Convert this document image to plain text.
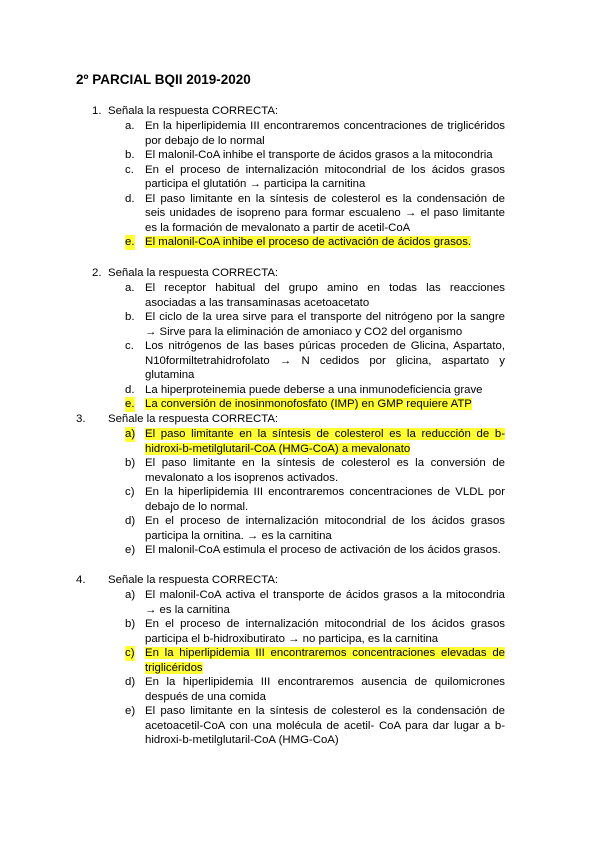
2º PARCIAL BQII 2019-2020
1. Señala la respuesta CORRECTA:
a. En la hiperlipidemia III encontraremos concentraciones de triglicéridos por debajo de lo normal
b. El malonil-CoA inhibe el transporte de ácidos grasos a la mitocondria
c. En el proceso de internalización mitocondrial de los ácidos grasos participa el glutatión → participa la carnitina
d. El paso limitante en la síntesis de colesterol es la condensación de seis unidades de isopreno para formar escualeno → el paso limitante es la formación de mevalonato a partir de acetil-CoA
e. El malonil-CoA inhibe el proceso de activación de ácidos grasos.
2. Señala la respuesta CORRECTA:
a. El receptor habitual del grupo amino en todas las reacciones asociadas a las transaminasas acetoacetato
b. El ciclo de la urea sirve para el transporte del nitrógeno por la sangre → Sirve para la eliminación de amoniaco y CO2 del organismo
c. Los nitrógenos de las bases púricas proceden de Glicina, Aspartato, N10formiltetrahidrofolato → N cedidos por glicina, aspartato y glutamina
d. La hiperproteinemia puede deberse a una inmunodeficiencia grave
e. La conversión de inosinmonofosfato (IMP) en GMP requiere ATP
3. Señale la respuesta CORRECTA:
a) El paso limitante en la síntesis de colesterol es la reducción de b-hidroxi-b-metilglutaril-CoA (HMG-CoA) a mevalonato
b) El paso limitante en la síntesis de colesterol es la conversión de mevalonato a los isoprenos activados.
c) En la hiperlipidemia III encontraremos concentraciones de VLDL por debajo de lo normal.
d) En el proceso de internalización mitocondrial de los ácidos grasos participa la ornitina. → es la carnitina
e) El malonil-CoA estimula el proceso de activación de los ácidos grasos.
4. Señale la respuesta CORRECTA:
a) El malonil-CoA activa el transporte de ácidos grasos a la mitocondria → es la carnitina
b) En el proceso de internalización mitocondrial de los ácidos grasos participa el b-hidroxibutirato → no participa, es la carnitina
c) En la hiperlipidemia III encontraremos concentraciones elevadas de triglicéridos
d) En la hiperlipidemia III encontraremos ausencia de quilomicrones después de una comida
e) El paso limitante en la síntesis de colesterol es la condensación de acetoacetil-CoA con una molécula de acetil- CoA para dar lugar a b-hidroxi-b-metilglutaril-CoA (HMG-CoA)
